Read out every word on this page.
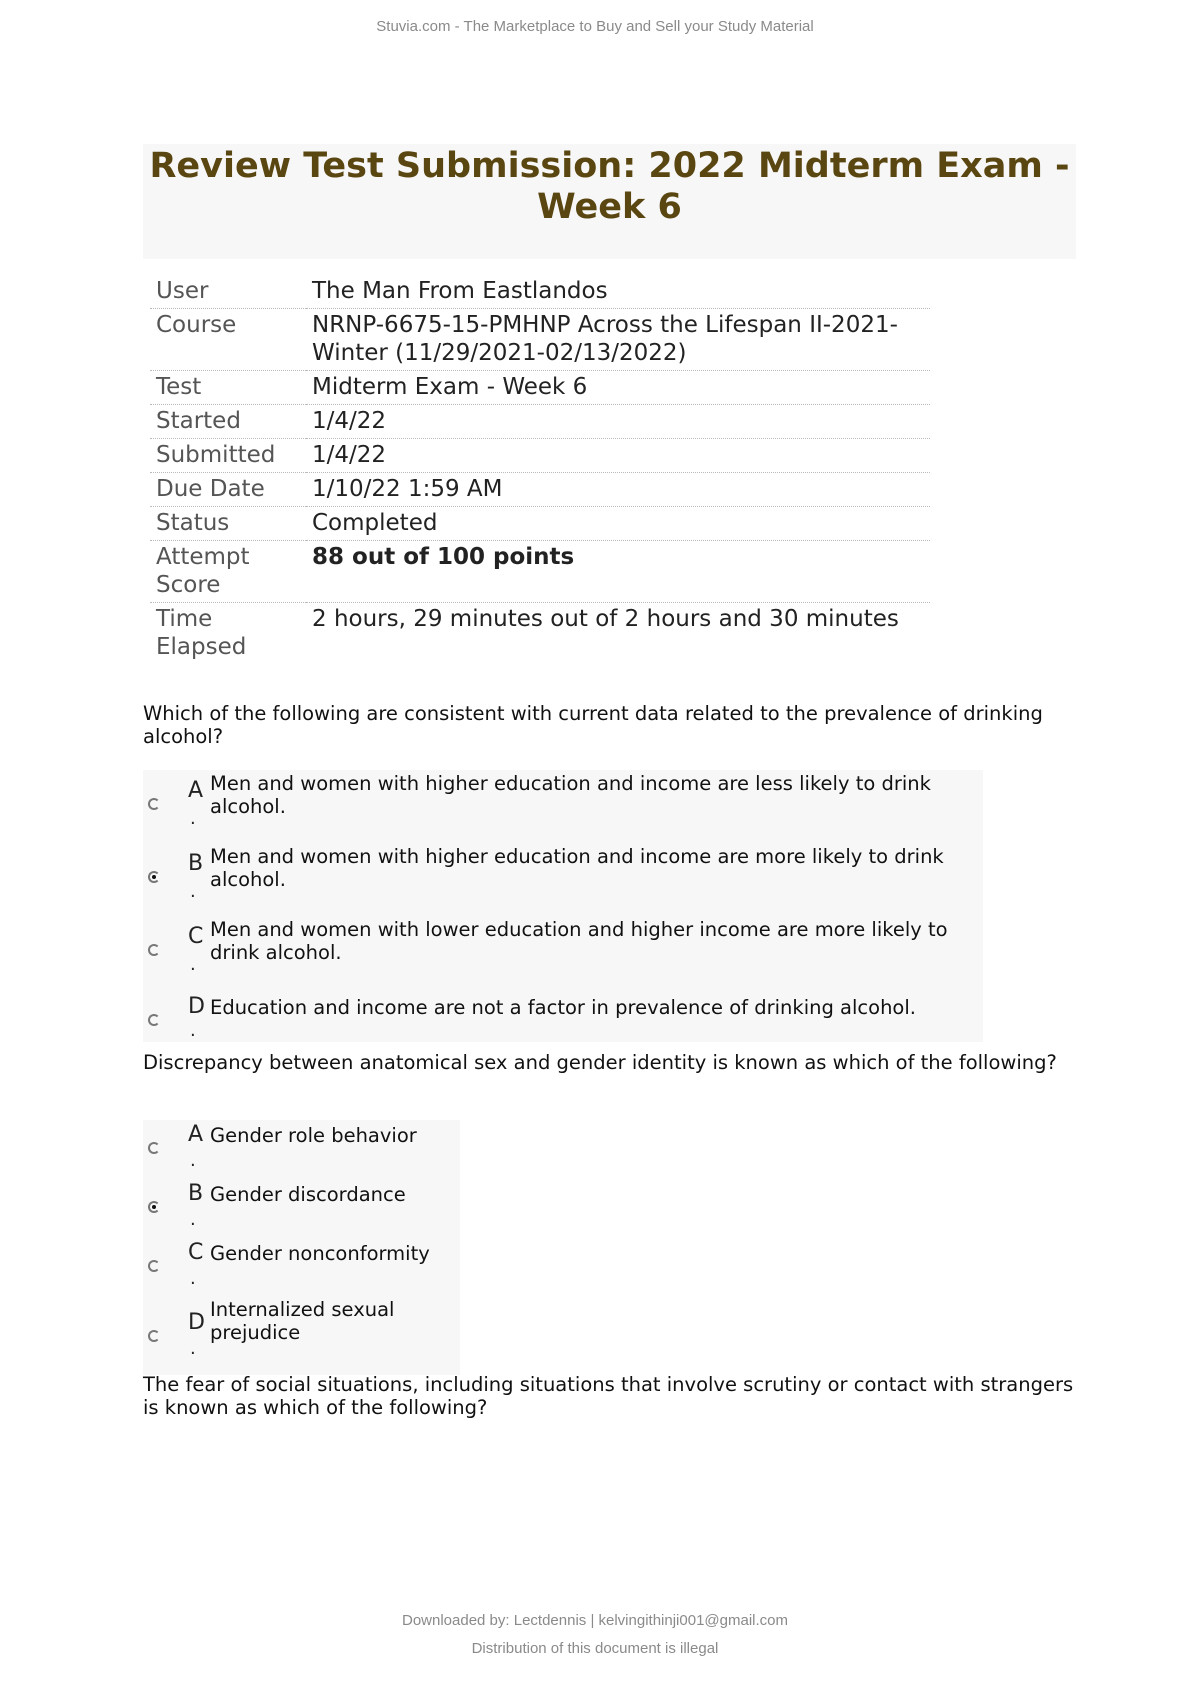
Stuvia.com - The Marketplace to Buy and Sell your Study Material
Review Test Submission: 2022 Midterm Exam - Week 6
User	The Man From Eastlandos
Course	NRNP-6675-15-PMHNP Across the Lifespan II-2021-Winter (11/29/2021-02/13/2022)
Test	Midterm Exam - Week 6
Started	1/4/22
Submitted	1/4/22
Due Date	1/10/22 1:59 AM
Status	Completed
Attempt Score	88 out of 100 points
Time Elapsed	2 hours, 29 minutes out of 2 hours and 30 minutes
Which of the following are consistent with current data related to the prevalence of drinking alcohol?
A
.
Men and women with higher education and income are less likely to drink alcohol.
B
.
Men and women with higher education and income are more likely to drink alcohol.
C
.
Men and women with lower education and higher income are more likely to drink alcohol.
D
.
Education and income are not a factor in prevalence of drinking alcohol.
Discrepancy between anatomical sex and gender identity is known as which of the following?
A
.
Gender role behavior
B
.
Gender discordance
C
.
Gender nonconformity
D
.
Internalized sexual prejudice
The fear of social situations, including situations that involve scrutiny or contact with strangers is known as which of the following?
Downloaded by: Lectdennis | kelvingithinji001@gmail.com
Distribution of this document is illegal
